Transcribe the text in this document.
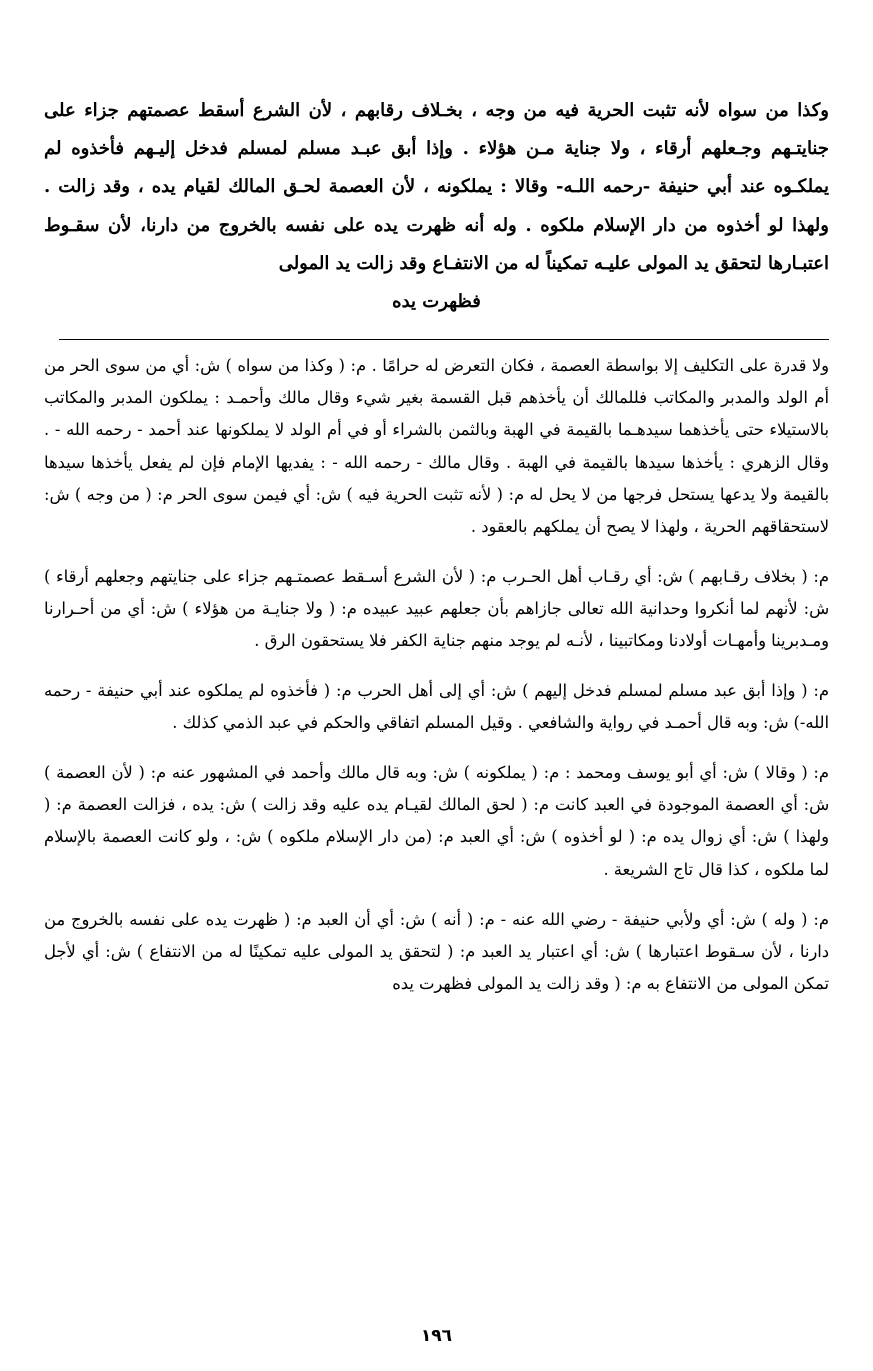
وكذا من سواه لأنه تثبت الحرية فيه من وجه ، بخـلاف رقابهم ، لأن الشرع أسقط عصمتهم جزاء على جنايتـهم وجـعلهم أرقاء ، ولا جناية مـن هؤلاء . وإذا أبق عبـد مسلم لمسلم فدخل إليـهم فأخذوه لم يملكـوه عند أبي حنيفة -رحمه اللـه- وقالا : يملكونه ، لأن العصمة لحـق المالك لقيام يده ، وقد زالت . ولهذا لو أخذوه من دار الإسلام ملكوه . وله أنه ظهرت يده على نفسه بالخروج من دارنا، لأن سقـوط اعتبـارها لتحقق يد المولى عليـه تمكيناً له من الانتفـاع وقد زالت يد المولى
فظهرت يده

ولا قدرة على التكليف إلا بواسطة العصمة ، فكان التعرض له حرامًا . م: ( وكذا من سواه ) ش: أي من سوى الحر من أم الولد والمدبر والمكاتب فللمالك أن يأخذهم قبل القسمة بغير شيء وقال مالك وأحمـد : يملكون المدبر والمكاتب بالاستيلاء حتى يأخذهما سيدهـما بالقيمة في الهبة وبالثمن بالشراء أو في أم الولد لا يملكونها عند أحمد - رحمه الله - . وقال الزهري : يأخذها سيدها بالقيمة في الهبة . وقال مالك - رحمه الله - : يفديها الإمام فإن لم يفعل يأخذها سيدها بالقيمة ولا يدعها يستحل فرجها من لا يحل له م: ( لأنه تثبت الحرية فيه ) ش: أي فيمن سوى الحر م: ( من وجه ) ش: لاستحقاقهم الحرية ، ولهذا لا يصح أن يملكهم بالعقود .

م: ( بخلاف رقـابهم ) ش: أي رقـاب أهل الحـرب م: ( لأن الشرع أسـقط عصمتـهم جزاء على جنايتهم وجعلهم أرقاء ) ش: لأنهم لما أنكروا وحدانية الله تعالى جازاهم بأن جعلهم عبيد عبيده م: ( ولا جنايـة من هؤلاء ) ش: أي من أحـرارنا ومـدبرينا وأمهـات أولادنا ومكاتبينا ، لأنـه لم يوجد منهم جناية الكفر فلا يستحقون الرق .

م: ( وإذا أبق عبد مسلم لمسلم فدخل إليهم ) ش: أي إلى أهل الحرب م: ( فأخذوه لم يملكوه عند أبي حنيفة - رحمه الله-) ش: وبه قال أحمـد في رواية والشافعي . وقيل المسلم اتفاقي والحكم في عبد الذمي كذلك .

م: ( وقالا ) ش: أي أبو يوسف ومحمد : م: ( يملكونه ) ش: وبه قال مالك وأحمد في المشهور عنه م: ( لأن العصمة ) ش: أي العصمة الموجودة في العبد كانت م: ( لحق المالك لقيـام يده عليه وقد زالت ) ش: يده ، فزالت العصمة م: ( ولهذا ) ش: أي زوال يده م: ( لو أخذوه ) ش: أي العبد م: (من دار الإسلام ملكوه ) ش: ، ولو كانت العصمة بالإسلام لما ملكوه ، كذا قال تاج الشريعة .

م: ( وله ) ش: أي ولأبي حنيفة - رضي الله عنه - م: ( أنه ) ش: أي أن العبد م: ( ظهرت يده على نفسه بالخروج من دارنا ، لأن سـقوط اعتبارها ) ش: أي اعتبار يد العبد م: ( لتحقق يد المولى عليه تمكينًا له من الانتفاع ) ش: أي لأجل تمكن المولى من الانتفاع به م: ( وقد زالت يد المولى فظهرت يده

١٩٦
